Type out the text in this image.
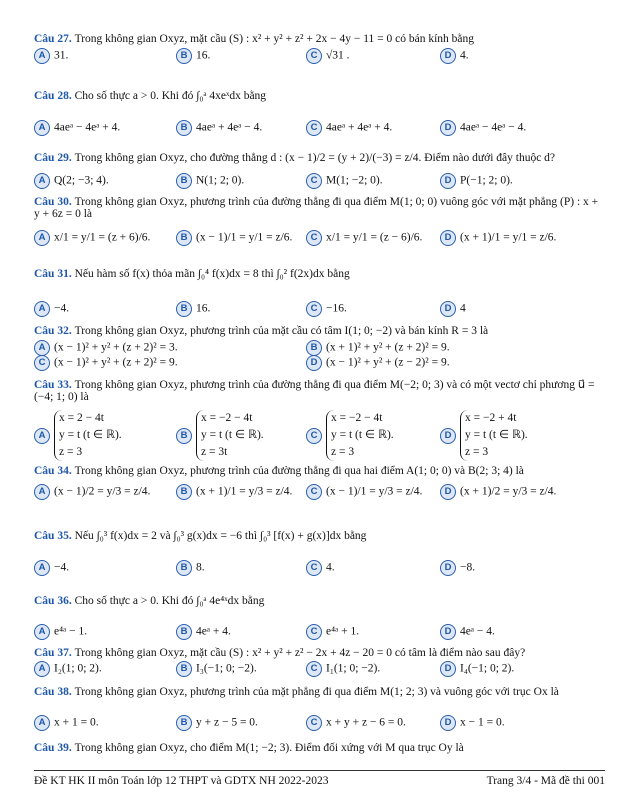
Câu 27. Trong không gian Oxyz, mặt cầu (S) : x² + y² + z² + 2x − 4y − 11 = 0 có bán kính bằng
A 31.	B 16.	C √31 .	D 4.
Câu 28. Cho số thực a > 0. Khi đó ∫₀ᵃ 4xeˣdx bằng
A 4aeᵃ − 4eᵃ + 4.	B 4aeᵃ + 4eᵃ − 4.	C 4aeᵃ + 4eᵃ + 4.	D 4aeᵃ − 4eᵃ − 4.
Câu 29. Trong không gian Oxyz, cho đường thẳng d : (x − 1)/2 = (y + 2)/(−3) = z/4. Điểm nào dưới đây thuộc d?
A Q(2; −3; 4).	B N(1; 2; 0).	C M(1; −2; 0).	D P(−1; 2; 0).
Câu 30. Trong không gian Oxyz, phương trình của đường thẳng đi qua điểm M(1; 0; 0) vuông góc với mặt phẳng (P) : x + y + 6z = 0 là
A x/1 = y/1 = (z + 6)/6.	B (x − 1)/1 = y/1 = z/6.	C x/1 = y/1 = (z − 6)/6.	D (x + 1)/1 = y/1 = z/6.
Câu 31. Nếu hàm số f(x) thỏa mãn ∫₀⁴ f(x)dx = 8 thì ∫₀² f(2x)dx bằng
A −4.	B 16.	C −16.	D 4
Câu 32. Trong không gian Oxyz, phương trình của mặt cầu có tâm I(1; 0; −2) và bán kính R = 3 là
A (x − 1)² + y² + (z + 2)² = 3.	B (x + 1)² + y² + (z + 2)² = 9.
C (x − 1)² + y² + (z + 2)² = 9.	D (x − 1)² + y² + (z − 2)² = 9.
Câu 33. Trong không gian Oxyz, phương trình của đường thẳng đi qua điểm M(−2; 0; 3) và có một vectơ chỉ phương u⃗ = (−4; 1; 0) là
A
x = 2 − 4t
y = t (t ∈ ℝ).
z = 3
B
x = −2 − 4t
y = t (t ∈ ℝ).
z = 3t
C
x = −2 − 4t
y = t (t ∈ ℝ).
z = 3
D
x = −2 + 4t
y = t (t ∈ ℝ).
z = 3
Câu 34. Trong không gian Oxyz, phương trình của đường thẳng đi qua hai điểm A(1; 0; 0) và B(2; 3; 4) là
A (x − 1)/2 = y/3 = z/4.	B (x + 1)/1 = y/3 = z/4.	C (x − 1)/1 = y/3 = z/4.	D (x + 1)/2 = y/3 = z/4.
Câu 35. Nếu ∫₀³ f(x)dx = 2 và ∫₀³ g(x)dx = −6 thì ∫₀³ [f(x) + g(x)]dx bằng
A −4.	B 8.	C 4.	D −8.
Câu 36. Cho số thực a > 0. Khi đó ∫₀ᵃ 4e⁴ˣdx bằng
A e⁴ᵃ − 1.	B 4eᵃ + 4.	C e⁴ᵃ + 1.	D 4eᵃ − 4.
Câu 37. Trong không gian Oxyz, mặt cầu (S) : x² + y² + z² − 2x + 4z − 20 = 0 có tâm là điểm nào sau đây?
A I₂(1; 0; 2).	B I₃(−1; 0; −2).	C I₁(1; 0; −2).	D I₄(−1; 0; 2).
Câu 38. Trong không gian Oxyz, phương trình của mặt phẳng đi qua điểm M(1; 2; 3) và vuông góc với trục Ox là
A x + 1 = 0.	B y + z − 5 = 0.	C x + y + z − 6 = 0.	D x − 1 = 0.
Câu 39. Trong không gian Oxyz, cho điểm M(1; −2; 3). Điểm đối xứng với M qua trục Oy là
Đề KT HK II môn Toán lớp 12 THPT và GDTX NH 2022-2023	Trang 3/4 - Mã đề thi 001
